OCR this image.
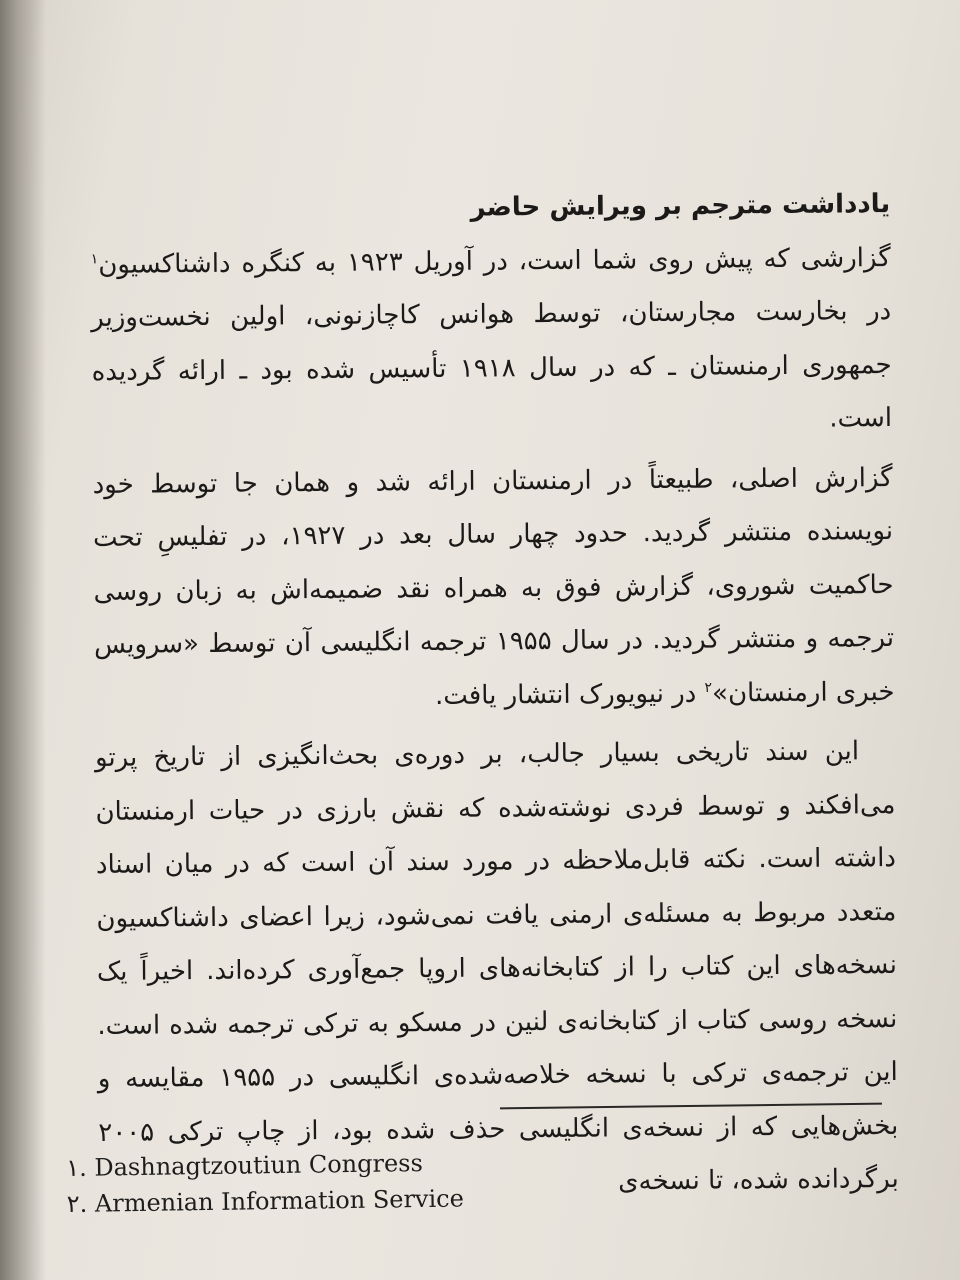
یادداشت مترجم بر ویرایش حاضر
گزارشی که پیش روی شما است، در آوریل ۱۹۲۳ به کنگره داشناکسیون$^۱$ در بخارست مجارستان، توسط هوانس کاچازنونی، اولین نخست‌وزیر جمهوری ارمنستان ـ که در سال ۱۹۱۸ تأسیس شده بود ـ ارائه گردیده است.

گزارش اصلی، طبیعتاً در ارمنستان ارائه شد و همان جا توسط خود نویسنده منتشر گردید. حدود چهار سال بعد در ۱۹۲۷، در تفلیسِ تحت حاکمیت شوروی، گزارش فوق به همراه نقد ضمیمه‌اش به زبان روسی ترجمه و منتشر گردید. در سال ۱۹۵۵ ترجمه انگلیسی آن توسط «سرویس خبری ارمنستان»$^۲$ در نیویورک انتشار یافت.

این سند تاریخی بسیار جالب، بر دوره‌ی بحث‌انگیزی از تاریخ پرتو می‌افکند و توسط فردی نوشته‌شده که نقش بارزی در حیات ارمنستان داشته است. نکته قابل‌ملاحظه در مورد سند آن است که در میان اسناد متعدد مربوط به مسئله‌ی ارمنی یافت نمی‌شود، زیرا اعضای داشناکسیون نسخه‌های این کتاب را از کتابخانه‌های اروپا جمع‌آوری کرده‌اند. اخیراً یک نسخه روسی کتاب از کتابخانه‌ی لنین در مسکو به ترکی ترجمه شده است. این ترجمه‌ی ترکی با نسخه خلاصه‌شده‌ی انگلیسی در ۱۹۵۵ مقایسه و بخش‌هایی که از نسخه‌ی انگلیسی حذف شده بود، از چاپ ترکی ۲۰۰۵ برگردانده شده، تا نسخه‌ی

۱. Dashnagtzoutiun Congress
۲. Armenian Information Service
